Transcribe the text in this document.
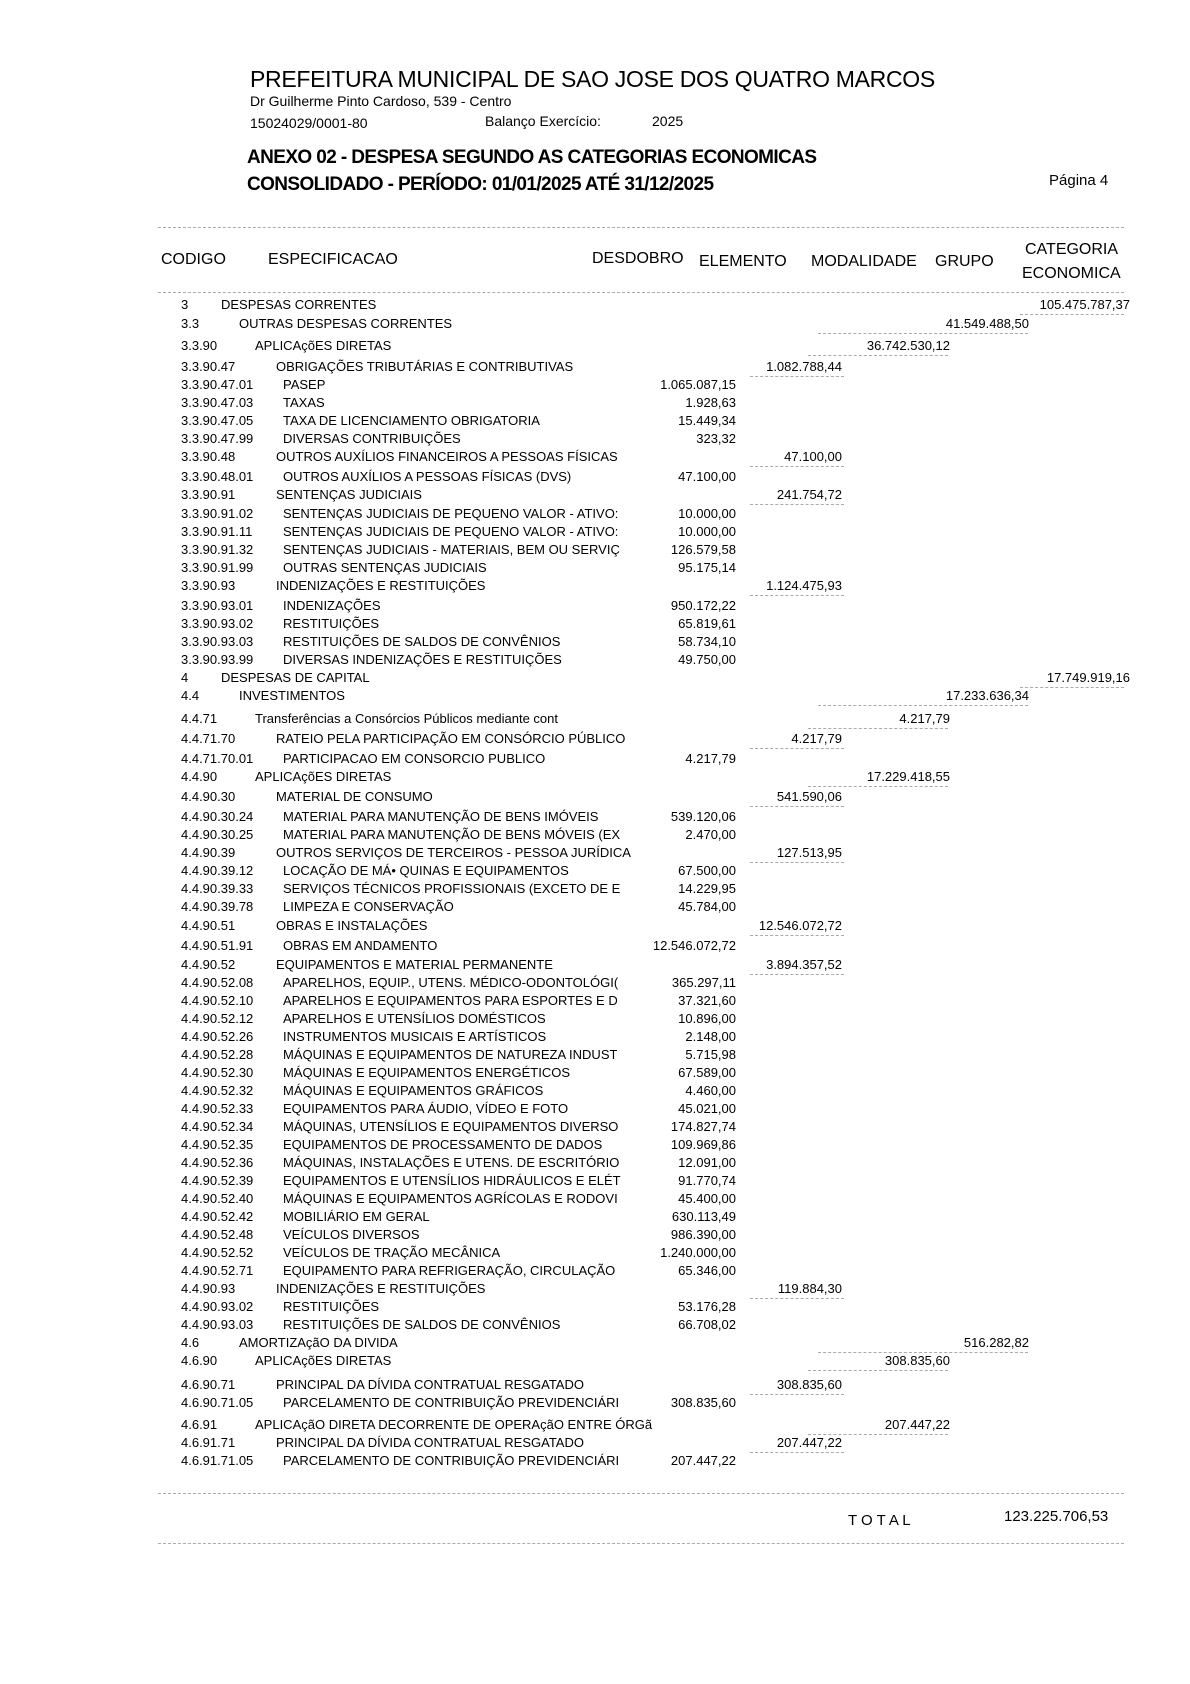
PREFEITURA MUNICIPAL DE SAO JOSE DOS QUATRO MARCOS
Dr Guilherme Pinto Cardoso, 539 - Centro
15024029/0001-80	Balanço Exercício:	2025
ANEXO 02 - DESPESA SEGUNDO AS CATEGORIAS ECONOMICAS
CONSOLIDADO - PERÍODO: 01/01/2025 ATÉ 31/12/2025	Página 4
CODIGO	ESPECIFICACAO	DESDOBRO ELEMENTO MODALIDADE GRUPO
CATEGORIA
ECONOMICA
3	DESPESAS CORRENTES	105.475.787,37
3.3	OUTRAS DESPESAS CORRENTES	41.549.488,50
3.3.90	APLICAçõES DIRETAS	36.742.530,12
3.3.90.47	OBRIGAÇÕES TRIBUTÁRIAS E CONTRIBUTIVAS	1.082.788,44
3.3.90.47.01 PASEP	1.065.087,15
3.3.90.47.03 TAXAS	1.928,63
3.3.90.47.05 TAXA DE LICENCIAMENTO OBRIGATORIA	15.449,34
3.3.90.47.99 DIVERSAS CONTRIBUIÇÕES	323,32
3.3.90.48	OUTROS AUXÍLIOS FINANCEIROS A PESSOAS FÍSICAS	47.100,00
3.3.90.48.01 OUTROS AUXÍLIOS A PESSOAS FÍSICAS (DVS)	47.100,00
3.3.90.91	SENTENÇAS JUDICIAIS	241.754,72
3.3.90.91.02 SENTENÇAS JUDICIAIS DE PEQUENO VALOR - ATIVO:	10.000,00
3.3.90.91.11 SENTENÇAS JUDICIAIS DE PEQUENO VALOR - ATIVO:	10.000,00
3.3.90.91.32 SENTENÇAS JUDICIAIS - MATERIAIS, BEM OU SERVIÇ	126.579,58
3.3.90.91.99 OUTRAS SENTENÇAS JUDICIAIS	95.175,14
3.3.90.93	INDENIZAÇÕES E RESTITUIÇÕES	1.124.475,93
3.3.90.93.01 INDENIZAÇÕES	950.172,22
3.3.90.93.02 RESTITUIÇÕES	65.819,61
3.3.90.93.03 RESTITUIÇÕES DE SALDOS DE CONVÊNIOS	58.734,10
3.3.90.93.99 DIVERSAS INDENIZAÇÕES E RESTITUIÇÕES	49.750,00
4	DESPESAS DE CAPITAL	17.749.919,16
4.4	INVESTIMENTOS	17.233.636,34
4.4.71	Transferências a Consórcios Públicos mediante cont	4.217,79
4.4.71.70	RATEIO PELA PARTICIPAÇÃO EM CONSÓRCIO PÚBLICO	4.217,79
4.4.71.70.01 PARTICIPACAO EM CONSORCIO PUBLICO	4.217,79
4.4.90	APLICAçõES DIRETAS	17.229.418,55
4.4.90.30	MATERIAL DE CONSUMO	541.590,06
4.4.90.30.24 MATERIAL PARA MANUTENÇÃO DE BENS IMÓVEIS	539.120,06
4.4.90.30.25 MATERIAL PARA MANUTENÇÃO DE BENS MÓVEIS (EX	2.470,00
4.4.90.39	OUTROS SERVIÇOS DE TERCEIROS - PESSOA JURÍDICA	127.513,95
4.4.90.39.12 LOCAÇÃO DE MÁ• QUINAS E EQUIPAMENTOS	67.500,00
4.4.90.39.33 SERVIÇOS TÉCNICOS PROFISSIONAIS (EXCETO DE E	14.229,95
4.4.90.39.78 LIMPEZA E CONSERVAÇÃO	45.784,00
4.4.90.51	OBRAS E INSTALAÇÕES	12.546.072,72
4.4.90.51.91 OBRAS EM ANDAMENTO	12.546.072,72
4.4.90.52	EQUIPAMENTOS E MATERIAL PERMANENTE	3.894.357,52
4.4.90.52.08 APARELHOS, EQUIP., UTENS. MÉDICO-ODONTOLÓGI(	365.297,11
4.4.90.52.10 APARELHOS E EQUIPAMENTOS PARA ESPORTES E D	37.321,60
4.4.90.52.12 APARELHOS E UTENSÍLIOS DOMÉSTICOS	10.896,00
4.4.90.52.26 INSTRUMENTOS MUSICAIS E ARTÍSTICOS	2.148,00
4.4.90.52.28 MÁQUINAS E EQUIPAMENTOS DE NATUREZA INDUST	5.715,98
4.4.90.52.30 MÁQUINAS E EQUIPAMENTOS ENERGÉTICOS	67.589,00
4.4.90.52.32 MÁQUINAS E EQUIPAMENTOS GRÁFICOS	4.460,00
4.4.90.52.33 EQUIPAMENTOS PARA ÁUDIO, VÍDEO E FOTO	45.021,00
4.4.90.52.34 MÁQUINAS, UTENSÍLIOS E EQUIPAMENTOS DIVERSO	174.827,74
4.4.90.52.35 EQUIPAMENTOS DE PROCESSAMENTO DE DADOS	109.969,86
4.4.90.52.36 MÁQUINAS, INSTALAÇÕES E UTENS. DE ESCRITÓRIO	12.091,00
4.4.90.52.39 EQUIPAMENTOS E UTENSÍLIOS HIDRÁULICOS E ELÉT	91.770,74
4.4.90.52.40 MÁQUINAS E EQUIPAMENTOS AGRÍCOLAS E RODOVI	45.400,00
4.4.90.52.42 MOBILIÁRIO EM GERAL	630.113,49
4.4.90.52.48 VEÍCULOS DIVERSOS	986.390,00
4.4.90.52.52 VEÍCULOS DE TRAÇÃO MECÂNICA	1.240.000,00
4.4.90.52.71 EQUIPAMENTO PARA REFRIGERAÇÃO, CIRCULAÇÃO	65.346,00
4.4.90.93	INDENIZAÇÕES E RESTITUIÇÕES	119.884,30
4.4.90.93.02 RESTITUIÇÕES	53.176,28
4.4.90.93.03 RESTITUIÇÕES DE SALDOS DE CONVÊNIOS	66.708,02
4.6	AMORTIZAçãO DA DIVIDA	516.282,82
4.6.90	APLICAçõES DIRETAS	308.835,60
4.6.90.71	PRINCIPAL DA DÍVIDA CONTRATUAL RESGATADO	308.835,60
4.6.90.71.05 PARCELAMENTO DE CONTRIBUIÇÃO PREVIDENCIÁRI	308.835,60
4.6.91	APLICAçãO DIRETA DECORRENTE DE OPERAçãO ENTRE ÓRGã	207.447,22
4.6.91.71	PRINCIPAL DA DÍVIDA CONTRATUAL RESGATADO	207.447,22
4.6.91.71.05 PARCELAMENTO DE CONTRIBUIÇÃO PREVIDENCIÁRI	207.447,22
T O T A L	123.225.706,53
